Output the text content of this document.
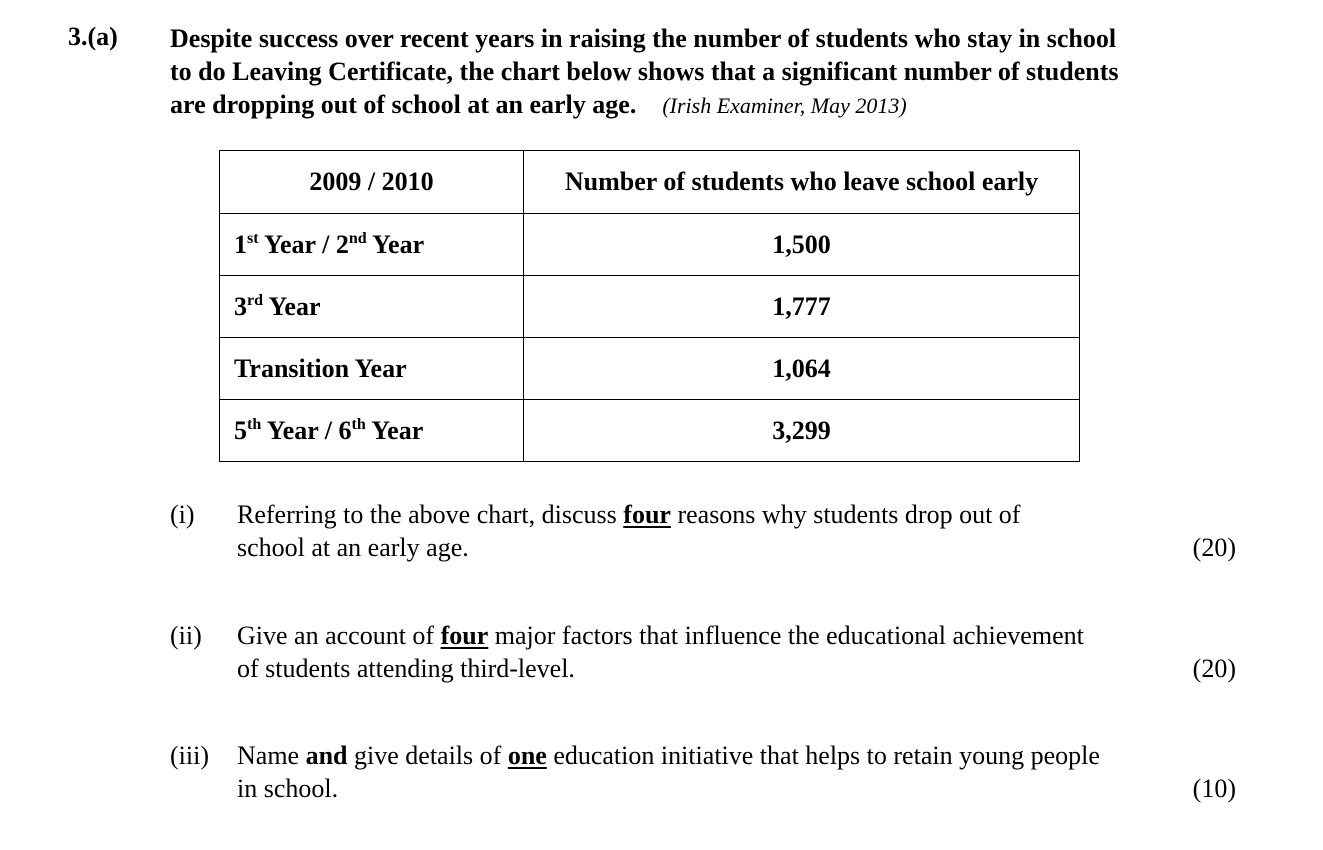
3.(a) Despite success over recent years in raising the number of students who stay in school
to do Leaving Certificate, the chart below shows that a significant number of students
are dropping out of school at an early age. (Irish Examiner, May 2013)
2009 / 2010	Number of students who leave school early
1st Year / 2nd Year	1,500
3rd Year	1,777
Transition Year	1,064
5th Year / 6th Year	3,299
(i) Referring to the above chart, discuss four reasons why students drop out of
school at an early age.	(20)
(ii) Give an account of four major factors that influence the educational achievement
of students attending third-level.	(20)
(iii) Name and give details of one education initiative that helps to retain young people
in school.	(10)
